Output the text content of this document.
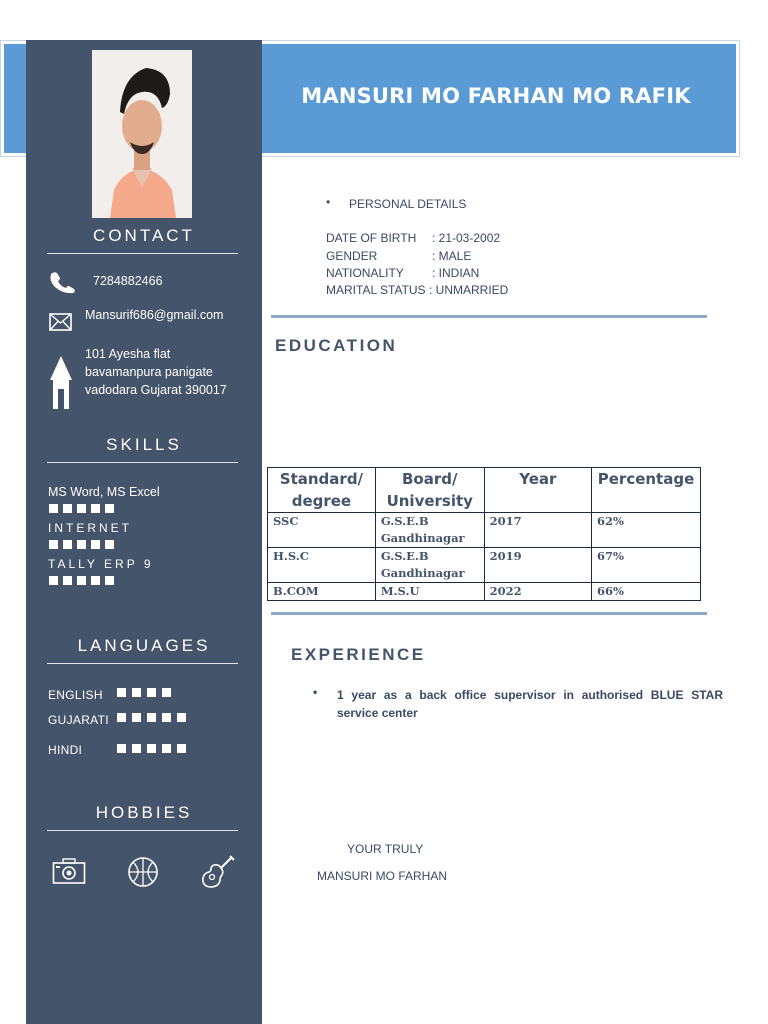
MANSURI MO FARHAN MO RAFIK
CONTACT
7284882466
Mansurif686@gmail.com
101 Ayesha flat
bavamanpura panigate
vadodara Gujarat 390017
SKILLS
MS Word, MS Excel
INTERNET
TALLY ERP 9
LANGUAGES
ENGLISH
GUJARATI
HINDI
HOBBIES
• PERSONAL DETAILS
DATE OF BIRTH	: 21-03-2002
GENDER	: MALE
NATIONALITY : INDIAN
MARITAL STATUS : UNMARRIED
EDUCATION
Standard/ degree	Board/ University	Year	Percentage
SSC	G.S.E.B Gandhinagar	2017	62%
H.S.C	G.S.E.B Gandhinagar	2019	67%
B.COM	M.S.U	2022	66%
EXPERIENCE
• 1 year as a back office supervisor in authorised BLUE STAR service center
YOUR TRULY
MANSURI MO FARHAN
